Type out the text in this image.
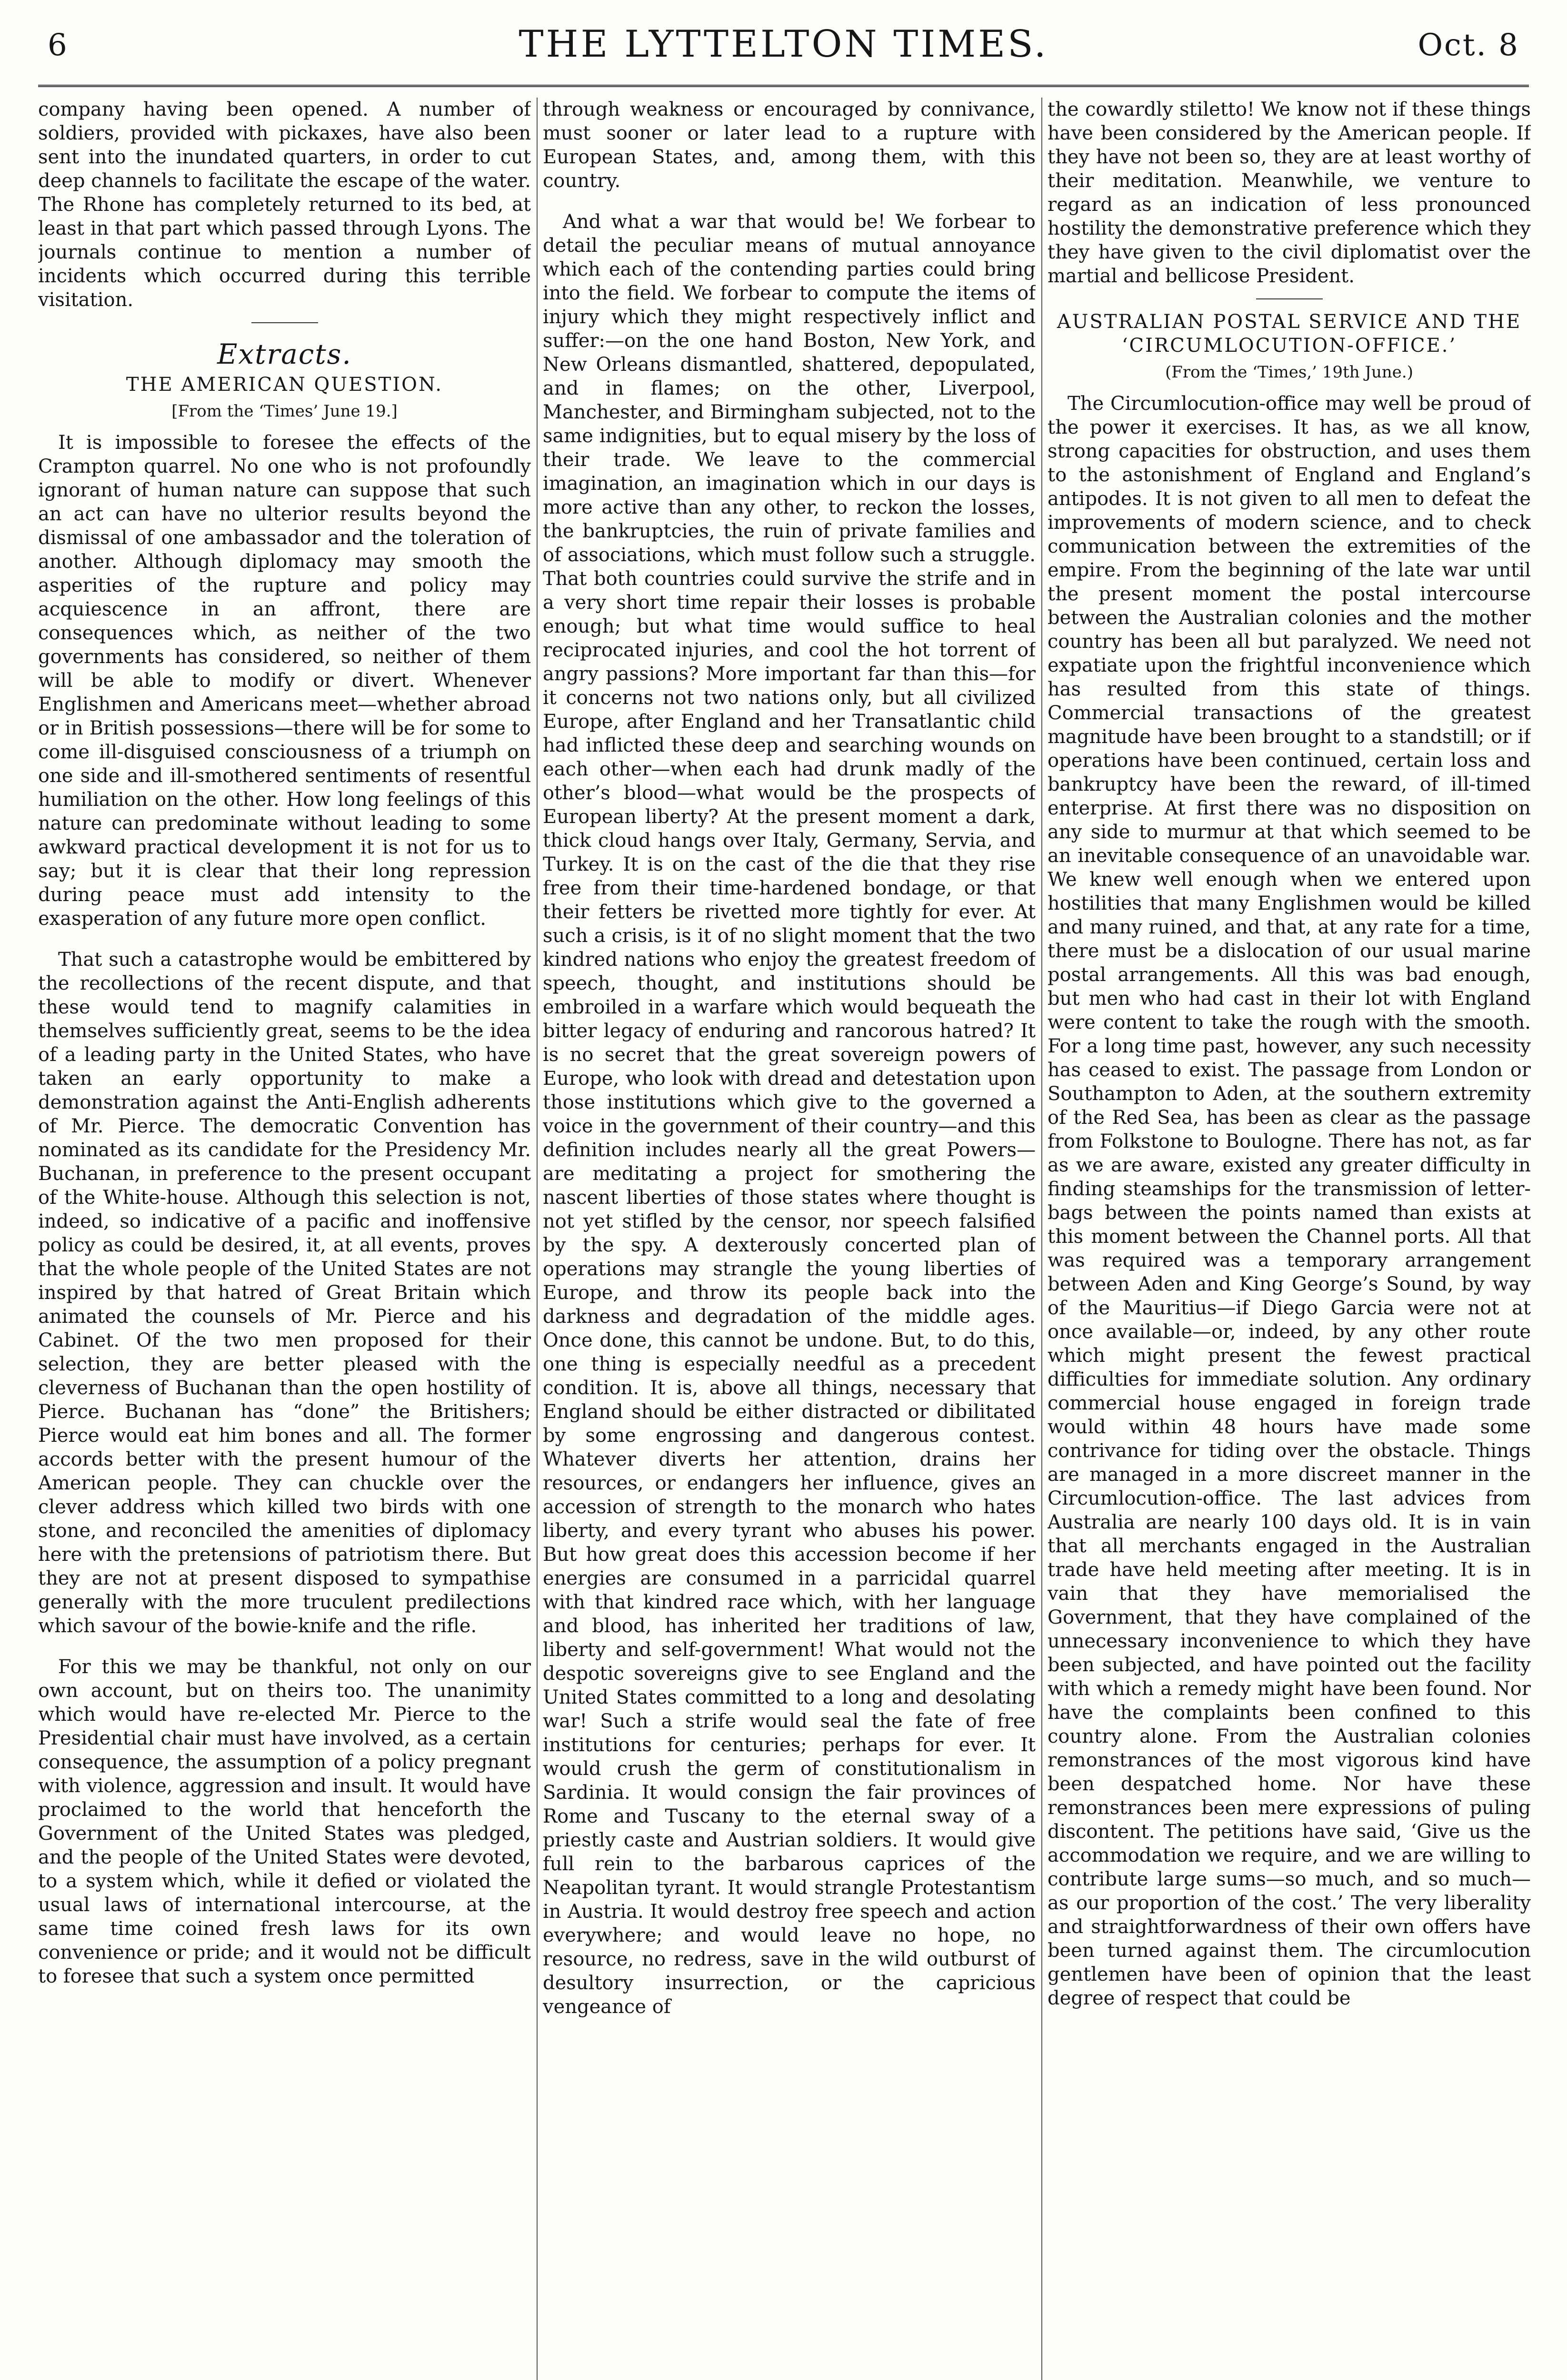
6	THE LYTTELTON TIMES.	Oct. 8

company having been opened. A number of soldiers, provided with pickaxes, have also been sent into the inundated quarters, in order to cut deep channels to facilitate the escape of the water. The Rhone has completely returned to its bed, at least in that part which passed through Lyons. The journals continue to mention a number of incidents which occurred during this terrible visitation.

Extracts.
THE AMERICAN QUESTION.
[From the ‘Times’ June 19.]

It is impossible to foresee the effects of the Crampton quarrel. No one who is not profoundly ignorant of human nature can suppose that such an act can have no ulterior results beyond the dismissal of one ambassador and the toleration of another. Although diplomacy may smooth the asperities of the rupture and policy may acquiescence in an affront, there are consequences which, as neither of the two governments has considered, so neither of them will be able to modify or divert. Whenever Englishmen and Americans meet—whether abroad or in British possessions—there will be for some to come ill-disguised consciousness of a triumph on one side and ill-smothered sentiments of resentful humiliation on the other. How long feelings of this nature can predominate without leading to some awkward practical development it is not for us to say; but it is clear that their long repression during peace must add intensity to the exasperation of any future more open conflict.

That such a catastrophe would be embittered by the recollections of the recent dispute, and that these would tend to magnify calamities in themselves sufficiently great, seems to be the idea of a leading party in the United States, who have taken an early opportunity to make a demonstration against the Anti-English adherents of Mr. Pierce. The democratic Convention has nominated as its candidate for the Presidency Mr. Buchanan, in preference to the present occupant of the White-house. Although this selection is not, indeed, so indicative of a pacific and inoffensive policy as could be desired, it, at all events, proves that the whole people of the United States are not inspired by that hatred of Great Britain which animated the counsels of Mr. Pierce and his Cabinet. Of the two men proposed for their selection, they are better pleased with the cleverness of Buchanan than the open hostility of Pierce. Buchanan has “done” the Britishers; Pierce would eat him bones and all. The former accords better with the present humour of the American people. They can chuckle over the clever address which killed two birds with one stone, and reconciled the amenities of diplomacy here with the pretensions of patriotism there. But they are not at present disposed to sympathise generally with the more truculent predilections which savour of the bowie-knife and the rifle.

For this we may be thankful, not only on our own account, but on theirs too. The unanimity which would have re-elected Mr. Pierce to the Presidential chair must have involved, as a certain consequence, the assumption of a policy pregnant with violence, aggression and insult. It would have proclaimed to the world that henceforth the Government of the United States was pledged, and the people of the United States were devoted, to a system which, while it defied or violated the usual laws of international intercourse, at the same time coined fresh laws for its own convenience or pride; and it would not be difficult to foresee that such a system once permitted

through weakness or encouraged by connivance, must sooner or later lead to a rupture with European States, and, among them, with this country.

And what a war that would be! We forbear to detail the peculiar means of mutual annoyance which each of the contending parties could bring into the field. We forbear to compute the items of injury which they might respectively inflict and suffer:—on the one hand Boston, New York, and New Orleans dismantled, shattered, depopulated, and in flames; on the other, Liverpool, Manchester, and Birmingham subjected, not to the same indignities, but to equal misery by the loss of their trade. We leave to the commercial imagination, an imagination which in our days is more active than any other, to reckon the losses, the bankruptcies, the ruin of private families and of associations, which must follow such a struggle. That both countries could survive the strife and in a very short time repair their losses is probable enough; but what time would suffice to heal reciprocated injuries, and cool the hot torrent of angry passions? More important far than this—for it concerns not two nations only, but all civilized Europe, after England and her Transatlantic child had inflicted these deep and searching wounds on each other—when each had drunk madly of the other’s blood—what would be the prospects of European liberty? At the present moment a dark, thick cloud hangs over Italy, Germany, Servia, and Turkey. It is on the cast of the die that they rise free from their time-hardened bondage, or that their fetters be rivetted more tightly for ever. At such a crisis, is it of no slight moment that the two kindred nations who enjoy the greatest freedom of speech, thought, and institutions should be embroiled in a warfare which would bequeath the bitter legacy of enduring and rancorous hatred? It is no secret that the great sovereign powers of Europe, who look with dread and detestation upon those institutions which give to the governed a voice in the government of their country—and this definition includes nearly all the great Powers—are meditating a project for smothering the nascent liberties of those states where thought is not yet stifled by the censor, nor speech falsified by the spy. A dexterously concerted plan of operations may strangle the young liberties of Europe, and throw its people back into the darkness and degradation of the middle ages. Once done, this cannot be undone. But, to do this, one thing is especially needful as a precedent condition. It is, above all things, necessary that England should be either distracted or dibilitated by some engrossing and dangerous contest. Whatever diverts her attention, drains her resources, or endangers her influence, gives an accession of strength to the monarch who hates liberty, and every tyrant who abuses his power. But how great does this accession become if her energies are consumed in a parricidal quarrel with that kindred race which, with her language and blood, has inherited her traditions of law, liberty and self-government! What would not the despotic sovereigns give to see England and the United States committed to a long and desolating war! Such a strife would seal the fate of free institutions for centuries; perhaps for ever. It would crush the germ of constitutionalism in Sardinia. It would consign the fair provinces of Rome and Tuscany to the eternal sway of a priestly caste and Austrian soldiers. It would give full rein to the barbarous caprices of the Neapolitan tyrant. It would strangle Protestantism in Austria. It would destroy free speech and action everywhere; and would leave no hope, no resource, no redress, save in the wild outburst of desultory insurrection, or the capricious vengeance of

the cowardly stiletto! We know not if these things have been considered by the American people. If they have not been so, they are at least worthy of their meditation. Meanwhile, we venture to regard as an indication of less pronounced hostility the demonstrative preference which they they have given to the civil diplomatist over the martial and bellicose President.

AUSTRALIAN POSTAL SERVICE AND THE ‘CIRCUMLOCUTION-OFFICE.’
(From the ‘Times,’ 19th June.)

The Circumlocution-office may well be proud of the power it exercises. It has, as we all know, strong capacities for obstruction, and uses them to the astonishment of England and England’s antipodes. It is not given to all men to defeat the improvements of modern science, and to check communication between the extremities of the empire. From the beginning of the late war until the present moment the postal intercourse between the Australian colonies and the mother country has been all but paralyzed. We need not expatiate upon the frightful inconvenience which has resulted from this state of things. Commercial transactions of the greatest magnitude have been brought to a standstill; or if operations have been continued, certain loss and bankruptcy have been the reward, of ill-timed enterprise. At first there was no disposition on any side to murmur at that which seemed to be an inevitable consequence of an unavoidable war. We knew well enough when we entered upon hostilities that many Englishmen would be killed and many ruined, and that, at any rate for a time, there must be a dislocation of our usual marine postal arrangements. All this was bad enough, but men who had cast in their lot with England were content to take the rough with the smooth. For a long time past, however, any such necessity has ceased to exist. The passage from London or Southampton to Aden, at the southern extremity of the Red Sea, has been as clear as the passage from Folkstone to Boulogne. There has not, as far as we are aware, existed any greater difficulty in finding steamships for the transmission of letter-bags between the points named than exists at this moment between the Channel ports. All that was required was a temporary arrangement between Aden and King George’s Sound, by way of the Mauritius—if Diego Garcia were not at once available—or, indeed, by any other route which might present the fewest practical difficulties for immediate solution. Any ordinary commercial house engaged in foreign trade would within 48 hours have made some contrivance for tiding over the obstacle. Things are managed in a more discreet manner in the Circumlocution-office. The last advices from Australia are nearly 100 days old. It is in vain that all merchants engaged in the Australian trade have held meeting after meeting. It is in vain that they have memorialised the Government, that they have complained of the unnecessary inconvenience to which they have been subjected, and have pointed out the facility with which a remedy might have been found. Nor have the complaints been confined to this country alone. From the Australian colonies remonstrances of the most vigorous kind have been despatched home. Nor have these remonstrances been mere expressions of puling discontent. The petitions have said, ‘Give us the accommodation we require, and we are willing to contribute large sums—so much, and so much—as our proportion of the cost.’ The very liberality and straightforwardness of their own offers have been turned against them. The circumlocution gentlemen have been of opinion that the least degree of respect that could be
